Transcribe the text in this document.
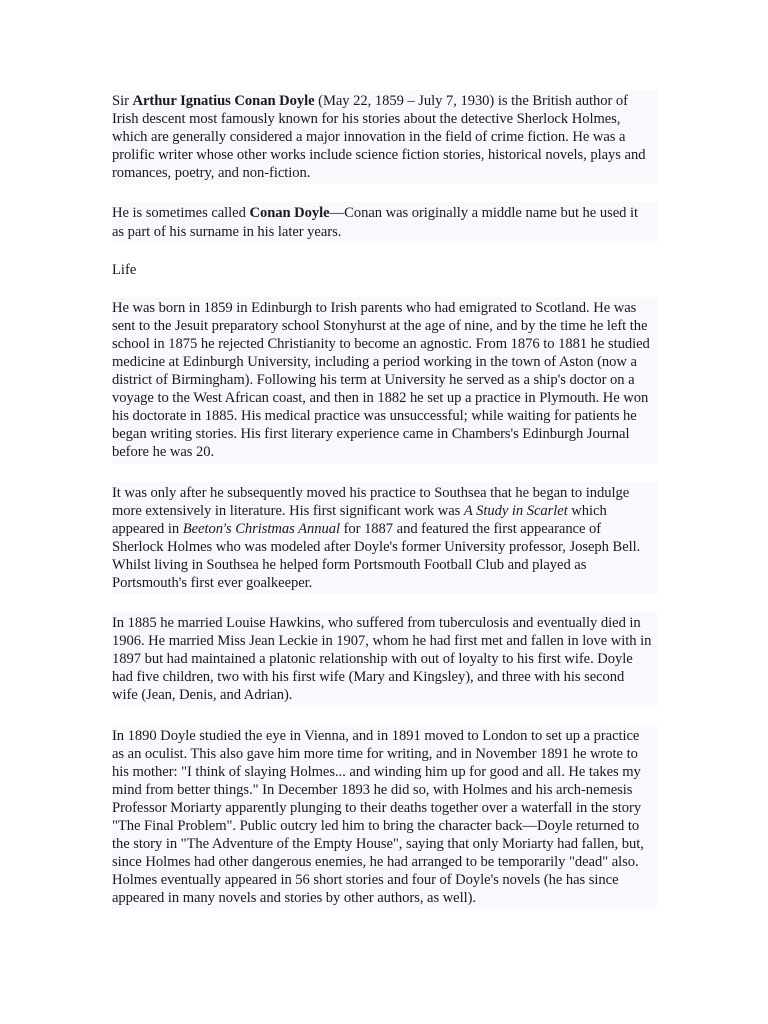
Sir Arthur Ignatius Conan Doyle (May 22, 1859 – July 7, 1930) is the British author of Irish descent most famously known for his stories about the detective Sherlock Holmes, which are generally considered a major innovation in the field of crime fiction. He was a prolific writer whose other works include science fiction stories, historical novels, plays and romances, poetry, and non-fiction.

He is sometimes called Conan Doyle—Conan was originally a middle name but he used it as part of his surname in his later years.

Life

He was born in 1859 in Edinburgh to Irish parents who had emigrated to Scotland. He was sent to the Jesuit preparatory school Stonyhurst at the age of nine, and by the time he left the school in 1875 he rejected Christianity to become an agnostic. From 1876 to 1881 he studied medicine at Edinburgh University, including a period working in the town of Aston (now a district of Birmingham). Following his term at University he served as a ship's doctor on a voyage to the West African coast, and then in 1882 he set up a practice in Plymouth. He won his doctorate in 1885. His medical practice was unsuccessful; while waiting for patients he began writing stories. His first literary experience came in Chambers's Edinburgh Journal before he was 20.

It was only after he subsequently moved his practice to Southsea that he began to indulge more extensively in literature. His first significant work was A Study in Scarlet which appeared in Beeton's Christmas Annual for 1887 and featured the first appearance of Sherlock Holmes who was modeled after Doyle's former University professor, Joseph Bell. Whilst living in Southsea he helped form Portsmouth Football Club and played as Portsmouth's first ever goalkeeper.

In 1885 he married Louise Hawkins, who suffered from tuberculosis and eventually died in 1906. He married Miss Jean Leckie in 1907, whom he had first met and fallen in love with in 1897 but had maintained a platonic relationship with out of loyalty to his first wife. Doyle had five children, two with his first wife (Mary and Kingsley), and three with his second wife (Jean, Denis, and Adrian).

In 1890 Doyle studied the eye in Vienna, and in 1891 moved to London to set up a practice as an oculist. This also gave him more time for writing, and in November 1891 he wrote to his mother: "I think of slaying Holmes... and winding him up for good and all. He takes my mind from better things." In December 1893 he did so, with Holmes and his arch-nemesis Professor Moriarty apparently plunging to their deaths together over a waterfall in the story "The Final Problem". Public outcry led him to bring the character back—Doyle returned to the story in "The Adventure of the Empty House", saying that only Moriarty had fallen, but, since Holmes had other dangerous enemies, he had arranged to be temporarily "dead" also. Holmes eventually appeared in 56 short stories and four of Doyle's novels (he has since appeared in many novels and stories by other authors, as well).
